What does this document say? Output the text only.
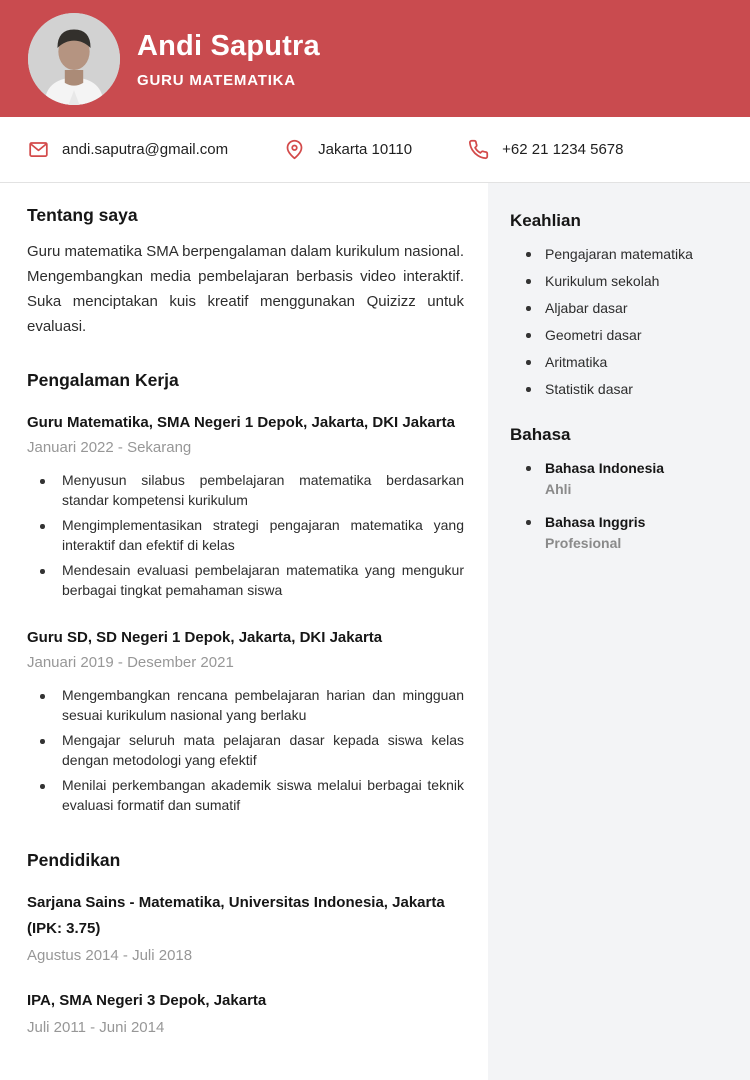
Andi Saputra
GURU MATEMATIKA
andi.saputra@gmail.com	Jakarta 10110	+62 21 1234 5678
Tentang saya

Guru matematika SMA berpengalaman dalam kurikulum nasional. Mengembangkan media pembelajaran berbasis video interaktif. Suka menciptakan kuis kreatif menggunakan Quizizz untuk evaluasi.

Pengalaman Kerja
Guru Matematika, SMA Negeri 1 Depok, Jakarta, DKI Jakarta
Januari 2022 - Sekarang
Menyusun silabus pembelajaran matematika berdasarkan standar kompetensi kurikulum
Mengimplementasikan strategi pengajaran matematika yang interaktif dan efektif di kelas
Mendesain evaluasi pembelajaran matematika yang mengukur berbagai tingkat pemahaman siswa
Guru SD, SD Negeri 1 Depok, Jakarta, DKI Jakarta
Januari 2019 - Desember 2021
Mengembangkan rencana pembelajaran harian dan mingguan sesuai kurikulum nasional yang berlaku
Mengajar seluruh mata pelajaran dasar kepada siswa kelas dengan metodologi yang efektif
Menilai perkembangan akademik siswa melalui berbagai teknik evaluasi formatif dan sumatif
Pendidikan
Sarjana Sains - Matematika, Universitas Indonesia, Jakarta (IPK: 3.75)
Agustus 2014 - Juli 2018
IPA, SMA Negeri 3 Depok, Jakarta
Juli 2011 - Juni 2014
Keahlian
Pengajaran matematika
Kurikulum sekolah
Aljabar dasar
Geometri dasar
Aritmatika
Statistik dasar
Bahasa
Bahasa Indonesia
Ahli
Bahasa Inggris
Profesional
